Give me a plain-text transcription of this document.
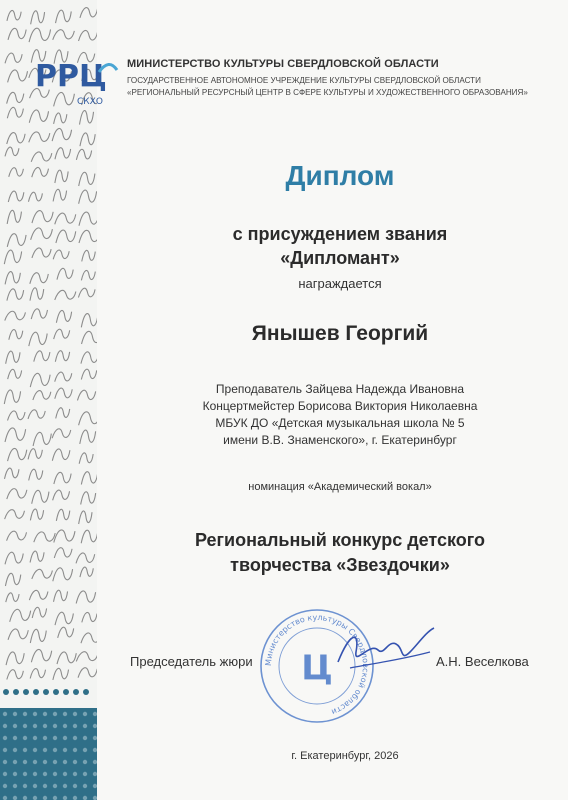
РРЦ
СКХО
МИНИСТЕРСТВО КУЛЬТУРЫ СВЕРДЛОВСКОЙ ОБЛАСТИ
ГОСУДАРСТВЕННОЕ АВТОНОМНОЕ УЧРЕЖДЕНИЕ КУЛЬТУРЫ СВЕРДЛОВСКОЙ ОБЛАСТИ
«РЕГИОНАЛЬНЫЙ РЕСУРСНЫЙ ЦЕНТР В СФЕРЕ КУЛЬТУРЫ И ХУДОЖЕСТВЕННОГО ОБРАЗОВАНИЯ»
Диплом
с присуждением звания
«Дипломант»
награждается
Янышев Георгий
Преподаватель Зайцева Надежда Ивановна
Концертмейстер Борисова Виктория Николаевна
МБУК ДО «Детская музыкальная школа № 5
имени В.В. Знаменского», г. Екатеринбург
номинация «Академический вокал»
Региональный конкурс детского
творчества «Звездочки»
Председатель жюри Министерство культуры Свердловской области
Ц	А.Н. Веселкова
г. Екатеринбург, 2026
